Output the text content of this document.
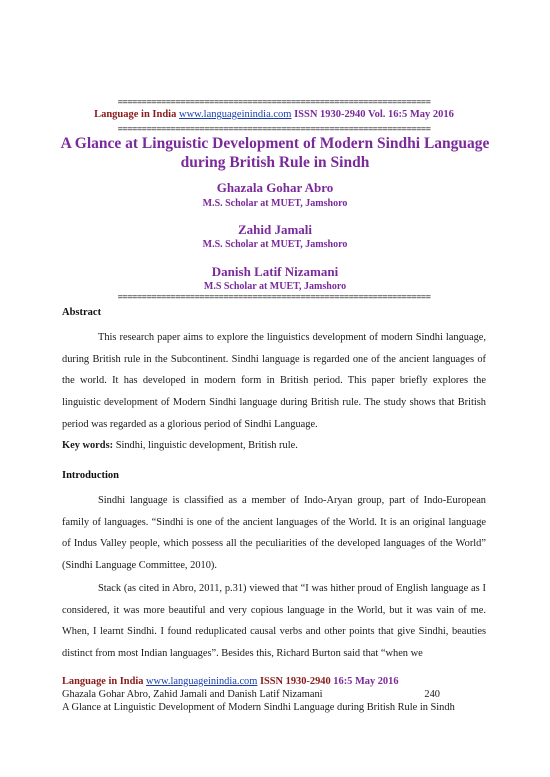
=================================================================
Language in India www.languageinindia.com ISSN 1930-2940 Vol. 16:5 May 2016
=================================================================
A Glance at Linguistic Development of Modern Sindhi Language during British Rule in Sindh
Ghazala Gohar Abro
M.S. Scholar at MUET, Jamshoro
Zahid Jamali
M.S. Scholar at MUET, Jamshoro
Danish Latif Nizamani
M.S Scholar at MUET, Jamshoro
=================================================================
Abstract
This research paper aims to explore the linguistics development of modern Sindhi language, during British rule in the Subcontinent. Sindhi language is regarded one of the ancient languages of the world. It has developed in modern form in British period. This paper briefly explores the linguistic development of Modern Sindhi language during British rule. The study shows that British period was regarded as a glorious period of Sindhi Language.
Key words: Sindhi, linguistic development, British rule.
Introduction
Sindhi language is classified as a member of Indo-Aryan group, part of Indo-European family of languages. “Sindhi is one of the ancient languages of the World. It is an original language of Indus Valley people, which possess all the peculiarities of the developed languages of the World” (Sindhi Language Committee, 2010).
Stack (as cited in Abro, 2011, p.31) viewed that “I was hither proud of English language as I considered, it was more beautiful and very copious language in the World, but it was vain of me. When, I learnt Sindhi. I found reduplicated causal verbs and other points that give Sindhi, beauties distinct from most Indian languages”. Besides this, Richard Burton said that “when we
Language in India www.languageinindia.com ISSN 1930-2940 16:5 May 2016
Ghazala Gohar Abro, Zahid Jamali and Danish Latif Nizamani	240
A Glance at Linguistic Development of Modern Sindhi Language during British Rule in Sindh
